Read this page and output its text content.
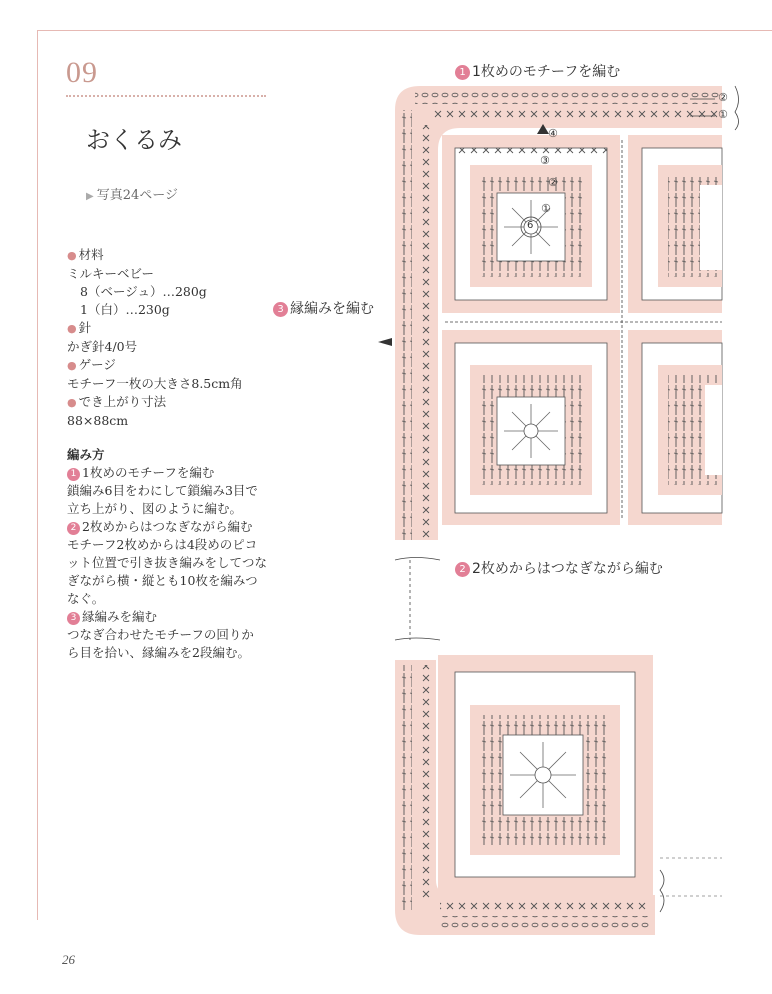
09
おくるみ
▶ 写真24ページ
● 材料
ミルキーベビー
8（ベージュ）…280g
1（白）…230g
● 針
かぎ針4/0号
● ゲージ
モチーフ一枚の大きさ8.5cm角
● でき上がり寸法
88×88cm
編み方
1 1枚めのモチーフを編む
鎖編み6目をわにして鎖編み3目で
立ち上がり、図のように編む。
2 2枚めからはつなぎながら編む
モチーフ2枚めからは4段めのピコ
ット位置で引き抜き編みをしてつな
ぎながら横・縦とも10枚を編みつ
なぐ。
3 縁編みを編む
つなぎ合わせたモチーフの回りか
ら目を拾い、縁編みを2段編む。
1 1枚めのモチーフを編む
3 縁編みを編む
2 2枚めからはつなぎながら編む
②
①
④
③
②
①
6
26
